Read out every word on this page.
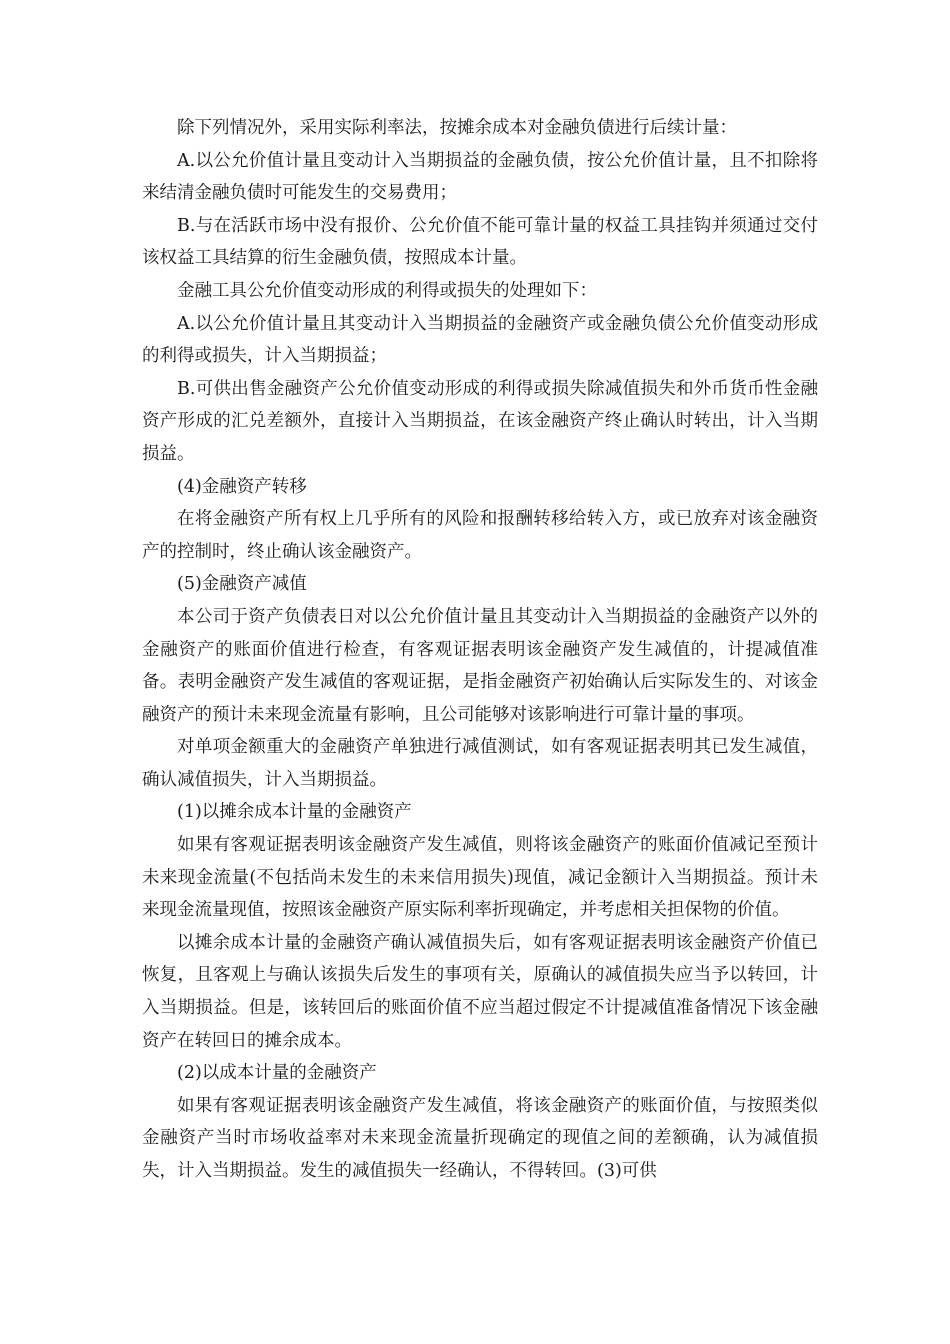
除下列情况外，采用实际利率法，按摊余成本对金融负债进行后续计量：

A.以公允价值计量且变动计入当期损益的金融负债，按公允价值计量，且不扣除将来结清金融负债时可能发生的交易费用；

B.与在活跃市场中没有报价、公允价值不能可靠计量的权益工具挂钩并须通过交付该权益工具结算的衍生金融负债，按照成本计量。

金融工具公允价值变动形成的利得或损失的处理如下：

A.以公允价值计量且其变动计入当期损益的金融资产或金融负债公允价值变动形成的利得或损失，计入当期损益；

B.可供出售金融资产公允价值变动形成的利得或损失除减值损失和外币货币性金融资产形成的汇兑差额外，直接计入当期损益，在该金融资产终止确认时转出，计入当期损益。

(4)金融资产转移

在将金融资产所有权上几乎所有的风险和报酬转移给转入方，或已放弃对该金融资产的控制时，终止确认该金融资产。

(5)金融资产减值

本公司于资产负债表日对以公允价值计量且其变动计入当期损益的金融资产以外的金融资产的账面价值进行检查，有客观证据表明该金融资产发生减值的，计提减值准备。表明金融资产发生减值的客观证据，是指金融资产初始确认后实际发生的、对该金融资产的预计未来现金流量有影响，且公司能够对该影响进行可靠计量的事项。

对单项金额重大的金融资产单独进行减值测试，如有客观证据表明其已发生减值，确认减值损失，计入当期损益。

(1)以摊余成本计量的金融资产

如果有客观证据表明该金融资产发生减值，则将该金融资产的账面价值减记至预计未来现金流量(不包括尚未发生的未来信用损失)现值，减记金额计入当期损益。预计未来现金流量现值，按照该金融资产原实际利率折现确定，并考虑相关担保物的价值。

以摊余成本计量的金融资产确认减值损失后，如有客观证据表明该金融资产价值已恢复，且客观上与确认该损失后发生的事项有关，原确认的减值损失应当予以转回，计入当期损益。但是，该转回后的账面价值不应当超过假定不计提减值准备情况下该金融资产在转回日的摊余成本。

(2)以成本计量的金融资产

如果有客观证据表明该金融资产发生减值，将该金融资产的账面价值，与按照类似金融资产当时市场收益率对未来现金流量折现确定的现值之间的差额确，认为减值损失，计入当期损益。发生的减值损失一经确认，不得转回。(3)可供
